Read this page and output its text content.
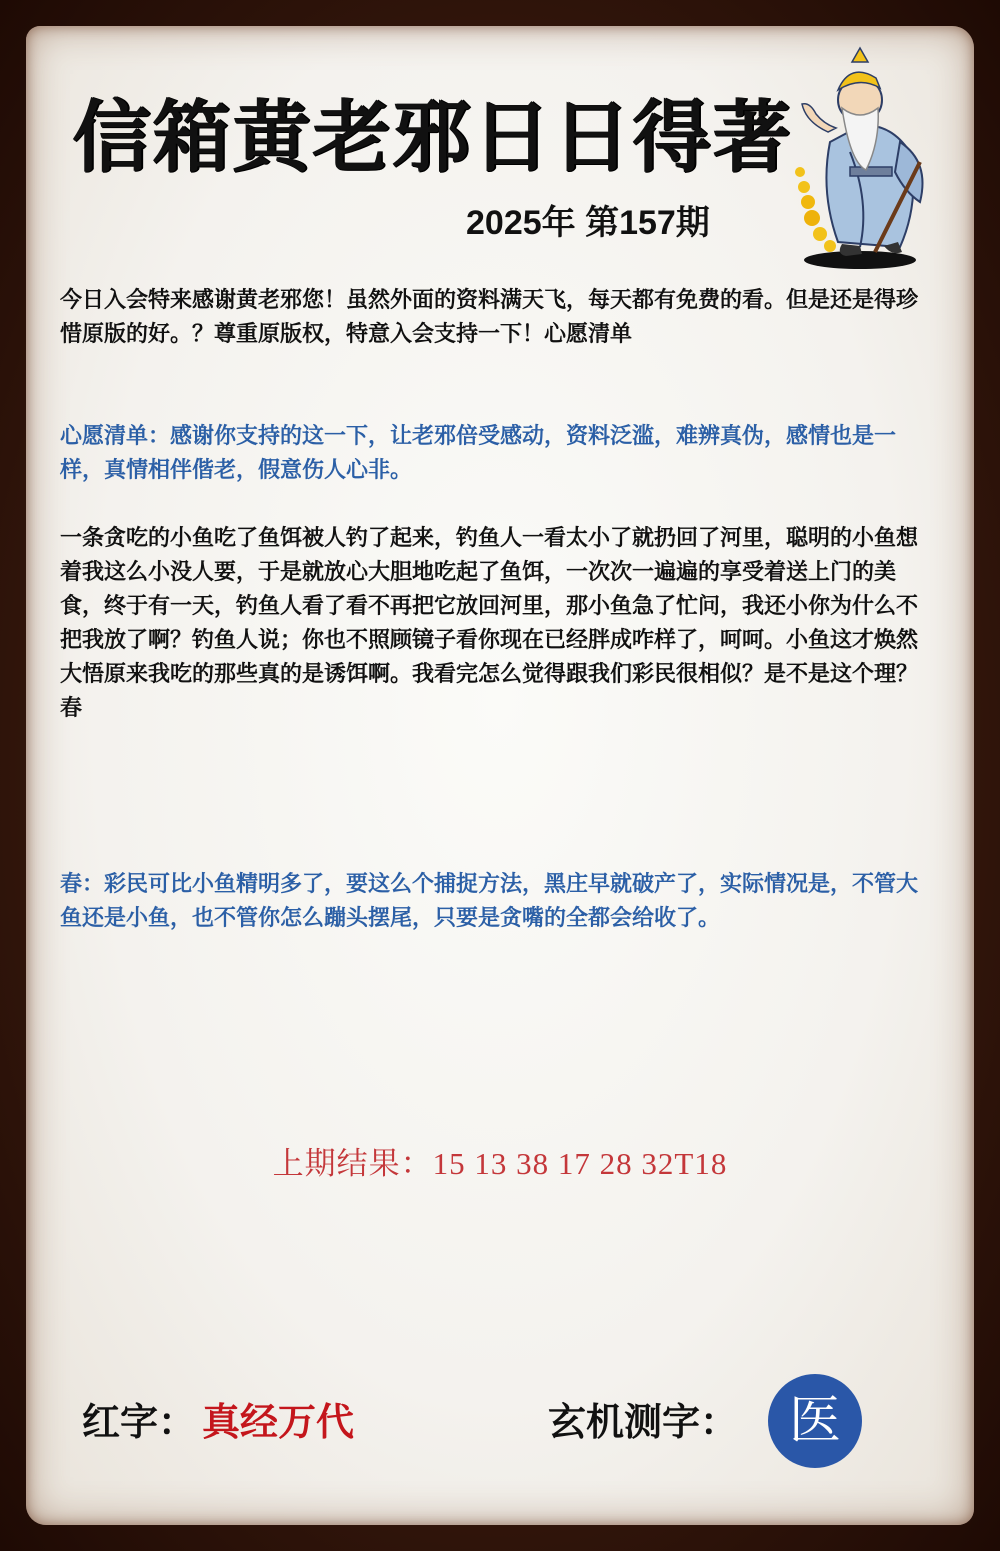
信箱黄老邪日日得著
2025年 第157期

今日入会特来感谢黄老邪您！虽然外面的资料满天飞，每天都有免费的看。但是还是得珍惜原版的好。？尊重原版权，特意入会支持一下！心愿清单

心愿清单：感谢你支持的这一下，让老邪倍受感动，资料泛滥，难辨真伪，感情也是一样，真情相伴偕老，假意伤人心非。

一条贪吃的小鱼吃了鱼饵被人钓了起来，钓鱼人一看太小了就扔回了河里，聪明的小鱼想着我这么小没人要，于是就放心大胆地吃起了鱼饵，一次次一遍遍的享受着送上门的美食，终于有一天，钓鱼人看了看不再把它放回河里，那小鱼急了忙问，我还小你为什么不把我放了啊？钓鱼人说；你也不照顾镜子看你现在已经胖成咋样了，呵呵。小鱼这才焕然大悟原来我吃的那些真的是诱饵啊。我看完怎么觉得跟我们彩民很相似？是不是这个理？春

春：彩民可比小鱼精明多了，要这么个捕捉方法，黑庄早就破产了，实际情况是，不管大鱼还是小鱼，也不管你怎么蹦头摆尾，只要是贪嘴的全都会给收了。

上期结果：15 13 38 17 28 32T18
红字： 真经万代	玄机测字： 医
